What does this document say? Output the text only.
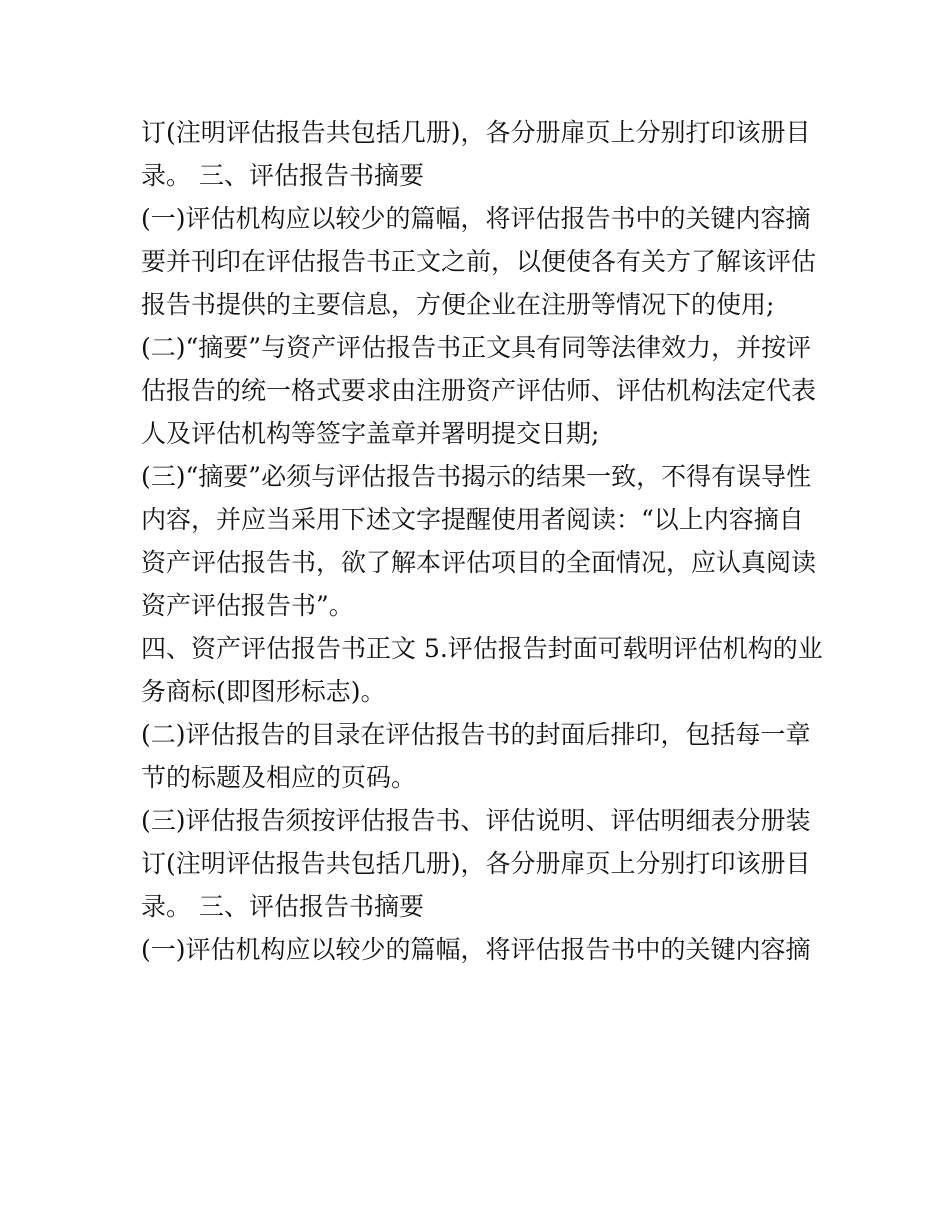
订(注明评估报告共包括几册)，各分册扉页上分别打印该册目

录。 三、评估报告书摘要

(一)评估机构应以较少的篇幅，将评估报告书中的关键内容摘

要并刊印在评估报告书正文之前，以便使各有关方了解该评估

报告书提供的主要信息，方便企业在注册等情况下的使用;

(二)“摘要”与资产评估报告书正文具有同等法律效力，并按评

估报告的统一格式要求由注册资产评估师、评估机构法定代表

人及评估机构等签字盖章并署明提交日期;

(三)“摘要”必须与评估报告书揭示的结果一致，不得有误导性

内容，并应当采用下述文字提醒使用者阅读：“以上内容摘自

资产评估报告书，欲了解本评估项目的全面情况，应认真阅读

资产评估报告书”。

四、资产评估报告书正文 5.评估报告封面可载明评估机构的业

务商标(即图形标志)。

(二)评估报告的目录在评估报告书的封面后排印，包括每一章

节的标题及相应的页码。

(三)评估报告须按评估报告书、评估说明、评估明细表分册装

订(注明评估报告共包括几册)，各分册扉页上分别打印该册目

录。 三、评估报告书摘要

(一)评估机构应以较少的篇幅，将评估报告书中的关键内容摘
